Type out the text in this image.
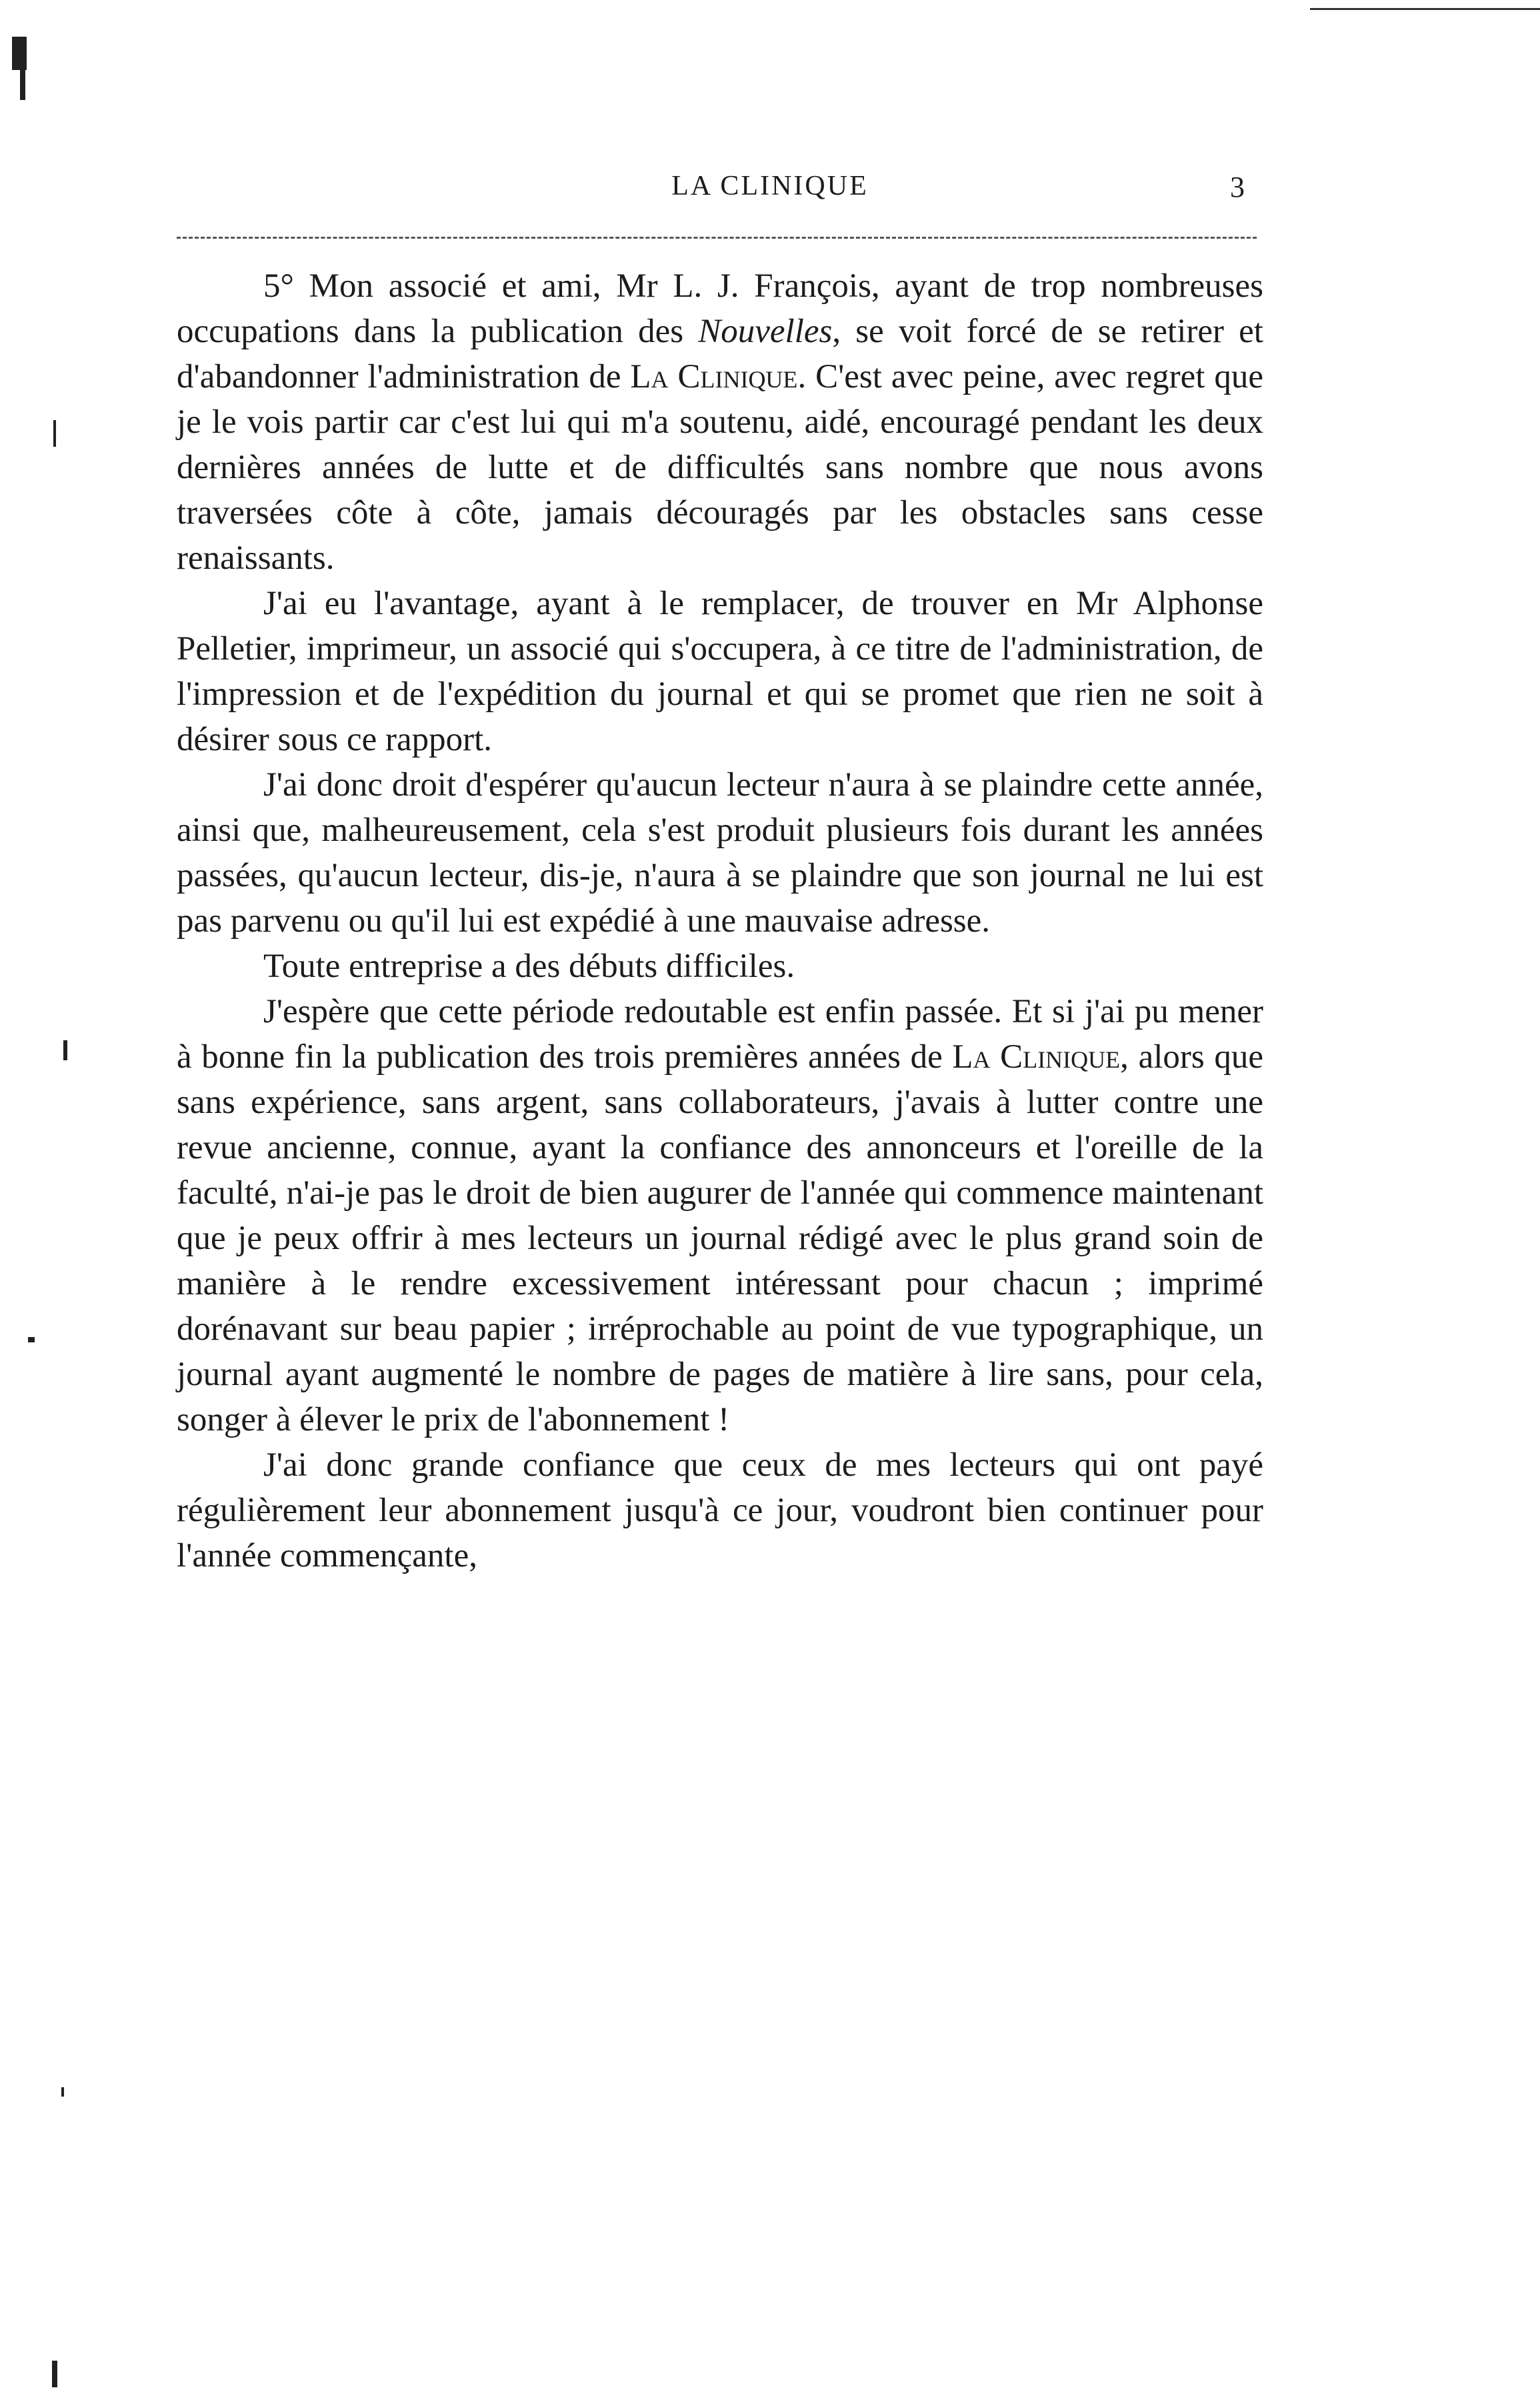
LA CLINIQUE	3

5° Mon associé et ami, Mr L. J. François, ayant de trop nombreuses occupations dans la publication des Nouvelles, se voit forcé de se retirer et d'abandonner l'administration de La Clinique. C'est avec peine, avec regret que je le vois partir car c'est lui qui m'a soutenu, aidé, encouragé pendant les deux dernières années de lutte et de difficultés sans nombre que nous avons traversées côte à côte, jamais découragés par les obstacles sans cesse renaissants.

J'ai eu l'avantage, ayant à le remplacer, de trouver en Mr Alphonse Pelletier, imprimeur, un associé qui s'occupera, à ce titre de l'administration, de l'impression et de l'expédition du journal et qui se promet que rien ne soit à désirer sous ce rapport.

J'ai donc droit d'espérer qu'aucun lecteur n'aura à se plaindre cette année, ainsi que, malheureusement, cela s'est produit plusieurs fois durant les années passées, qu'aucun lecteur, dis-je, n'aura à se plaindre que son journal ne lui est pas parvenu ou qu'il lui est expédié à une mauvaise adresse.

Toute entreprise a des débuts difficiles.

J'espère que cette période redoutable est enfin passée. Et si j'ai pu mener à bonne fin la publication des trois premières années de La Clinique, alors que sans expérience, sans argent, sans collaborateurs, j'avais à lutter contre une revue ancienne, connue, ayant la confiance des annonceurs et l'oreille de la faculté, n'ai-je pas le droit de bien augurer de l'année qui commence maintenant que je peux offrir à mes lecteurs un journal rédigé avec le plus grand soin de manière à le rendre excessivement intéressant pour chacun ; imprimé dorénavant sur beau papier ; irréprochable au point de vue typographique, un journal ayant augmenté le nombre de pages de matière à lire sans, pour cela, songer à élever le prix de l'abonnement !

J'ai donc grande confiance que ceux de mes lecteurs qui ont payé régulièrement leur abonnement jusqu'à ce jour, voudront bien continuer pour l'année commençante,
